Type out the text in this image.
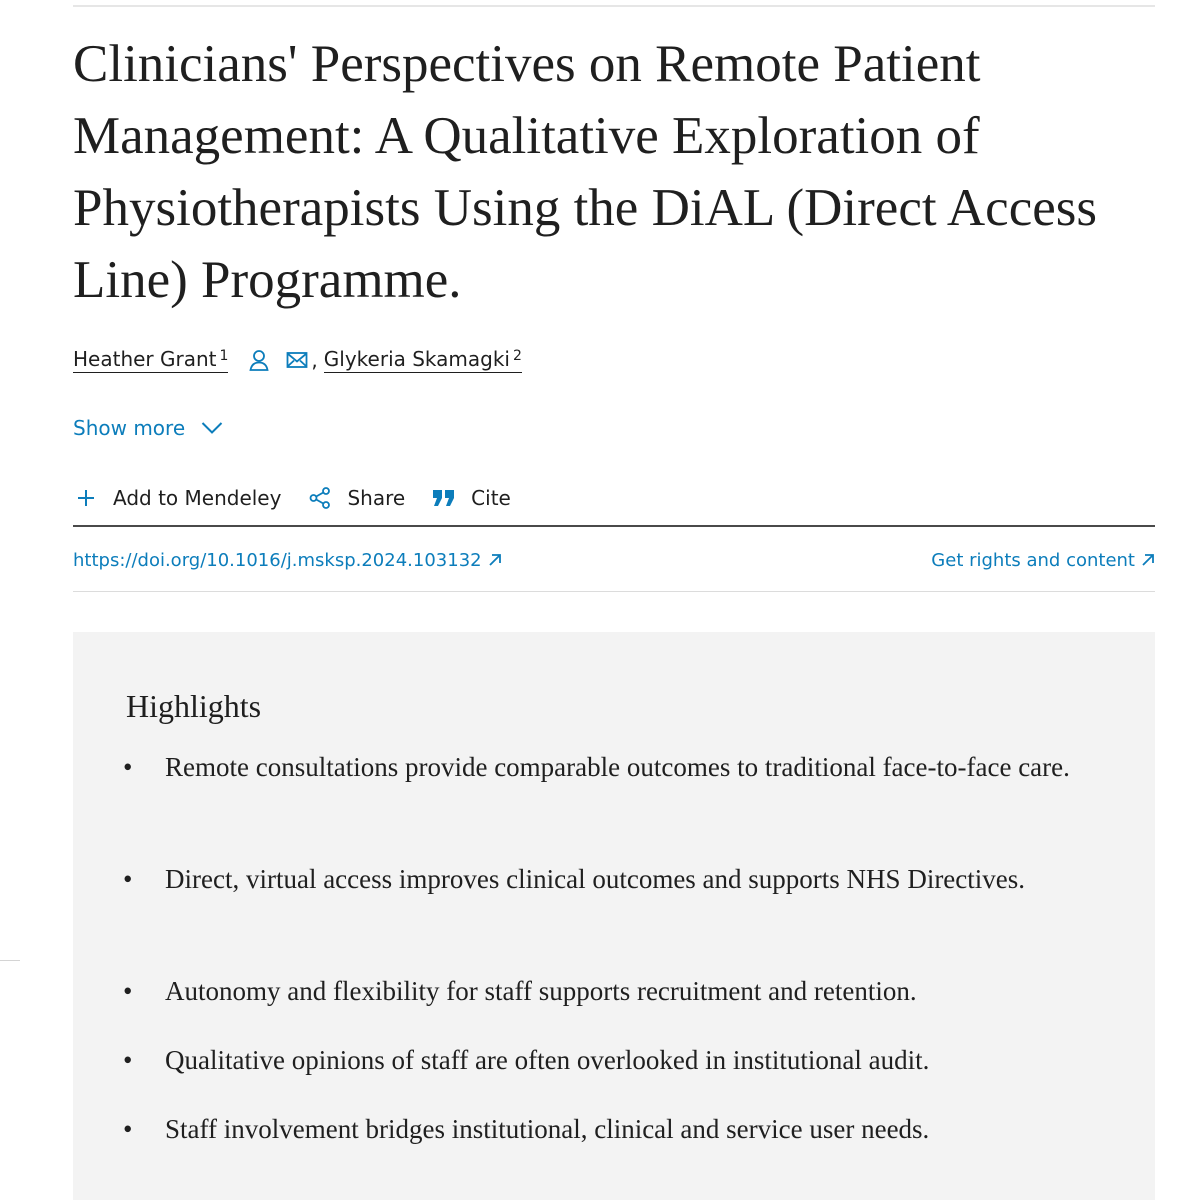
Clinicians' Perspectives on Remote Patient Management: A Qualitative Exploration of Physiotherapists Using the DiAL (Direct Access Line) Programme.
Heather Grant $^1$	, Glykeria Skamagki $^2$
Show more
Add to Mendeley	Share	Cite
https://doi.org/10.1016/j.msksp.2024.103132	Get rights and content
Highlights
• Remote consultations provide comparable outcomes to traditional face-to-face care.
• Direct, virtual access improves clinical outcomes and supports NHS Directives.
• Autonomy and flexibility for staff supports recruitment and retention.
• Qualitative opinions of staff are often overlooked in institutional audit.
• Staff involvement bridges institutional, clinical and service user needs.
